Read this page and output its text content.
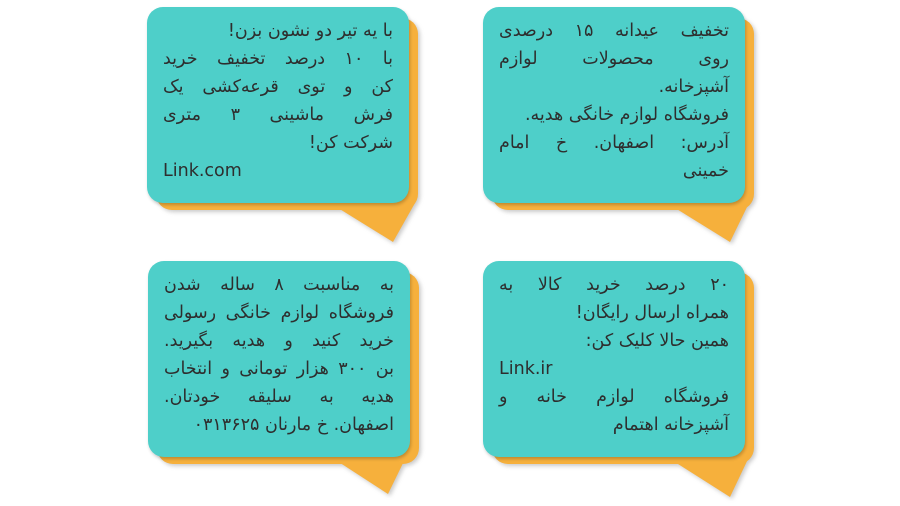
با یه تیر دو نشون بزن!
با ۱۰ درصد تخفیف خرید
کن و توی قرعه‌کشی یک
فرش ماشینی ۳ متری
شرکت کن!
Link.com
تخفیف عیدانه ۱۵ درصدی
روی محصولات لوازم
آشپزخانه.
فروشگاه لوازم خانگی هدیه.
آدرس: اصفهان. خ امام
خمینی
به مناسبت ۸ ساله شدن
فروشگاه لوازم خانگی رسولی
خرید کنید و هدیه بگیرید.
بن ۳۰۰ هزار تومانی و انتخاب
هدیه به سلیقه خودتان.
اصفهان. خ مارنان ۰۳۱۳۶۲۵
۲۰ درصد خرید کالا به
همراه ارسال رایگان!
همین حالا کلیک کن:
Link.ir
فروشگاه لوازم خانه و
آشپزخانه اهتمام
